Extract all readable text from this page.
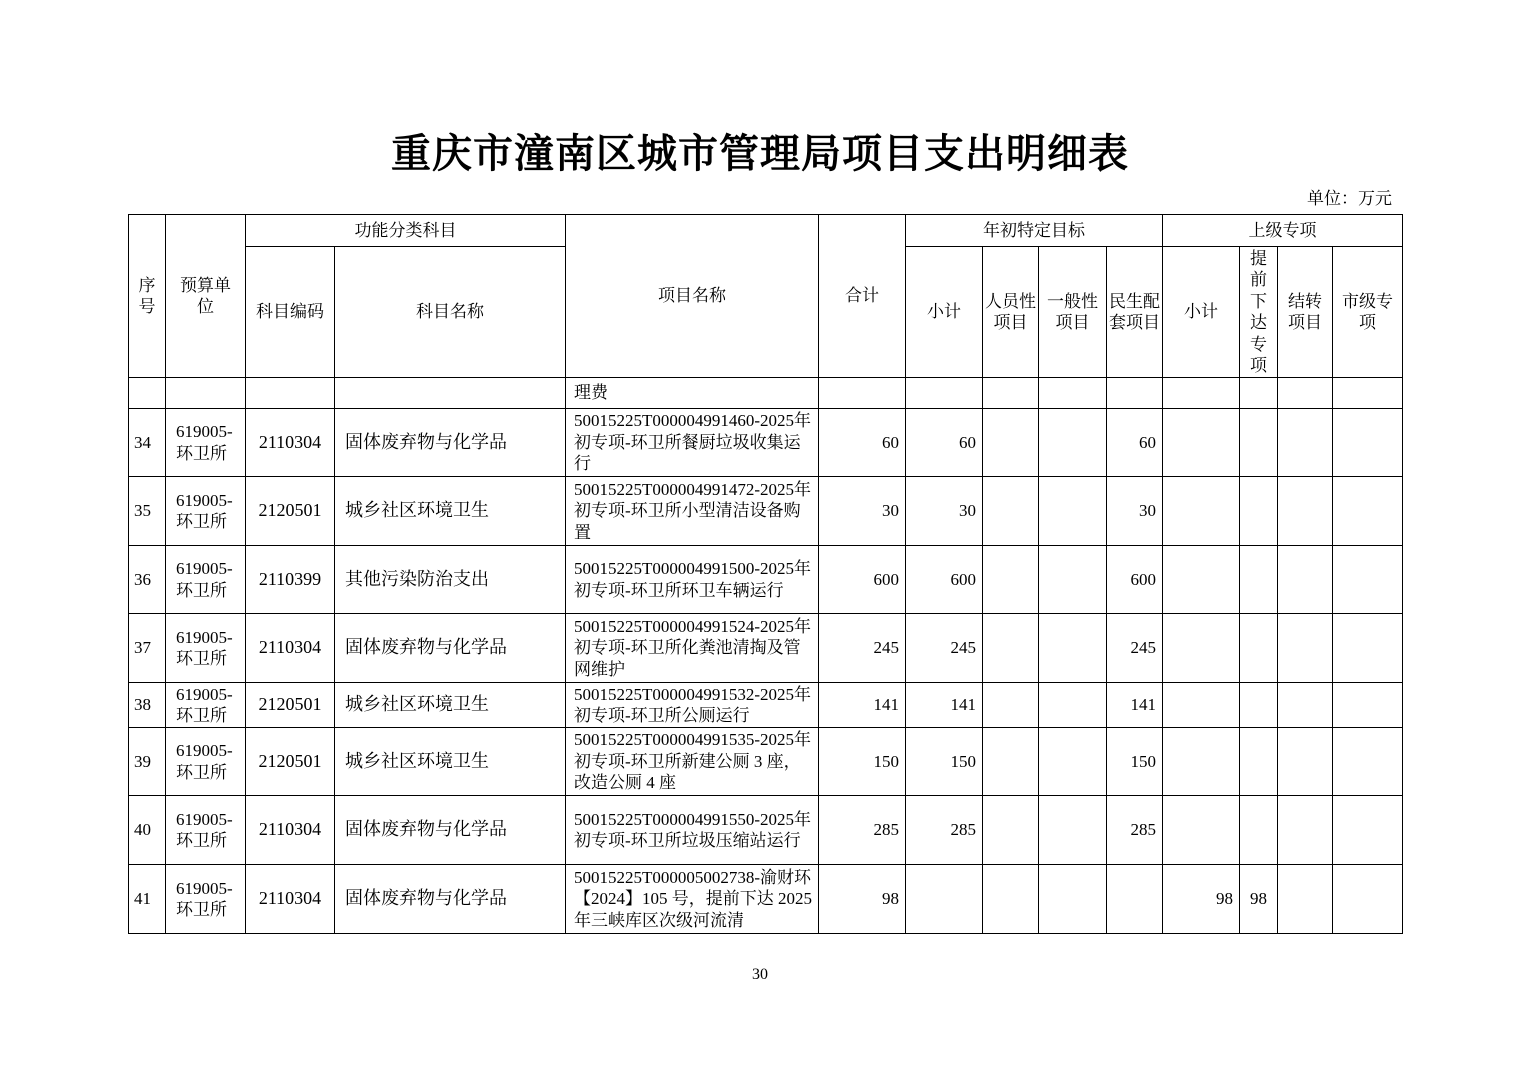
重庆市潼南区城市管理局项目支出明细表
单位：万元
序号	预算单位	功能分类科目		项目名称	合计	年初特定目标				上级专项			
		科目编码	科目名称			小计	人员性项目	一般性项目	民生配套项目	小计	提前下达专项	结转项目	市级专项
				理费									
34	619005-环卫所	2110304	固体废弃物与化学品	50015225T000004991460-2025年初专项-环卫所餐厨垃圾收集运行	60	60			60				
35	619005-环卫所	2120501	城乡社区环境卫生	50015225T000004991472-2025年初专项-环卫所小型清洁设备购置	30	30			30				
36	619005-环卫所	2110399	其他污染防治支出	50015225T000004991500-2025年初专项-环卫所环卫车辆运行	600	600			600				
37	619005-环卫所	2110304	固体废弃物与化学品	50015225T000004991524-2025年初专项-环卫所化粪池清掏及管网维护	245	245			245				
38	619005-环卫所	2120501	城乡社区环境卫生	50015225T000004991532-2025年初专项-环卫所公厕运行	141	141			141				
39	619005-环卫所	2120501	城乡社区环境卫生	50015225T000004991535-2025年初专项-环卫所新建公厕 3 座，改造公厕 4 座	150	150			150				
40	619005-环卫所	2110304	固体废弃物与化学品	50015225T000004991550-2025年初专项-环卫所垃圾压缩站运行	285	285			285				
41	619005-环卫所	2110304	固体废弃物与化学品	50015225T000005002738-渝财环【2024】105 号，提前下达 2025 年三峡库区次级河流清	98					98	98		
30
